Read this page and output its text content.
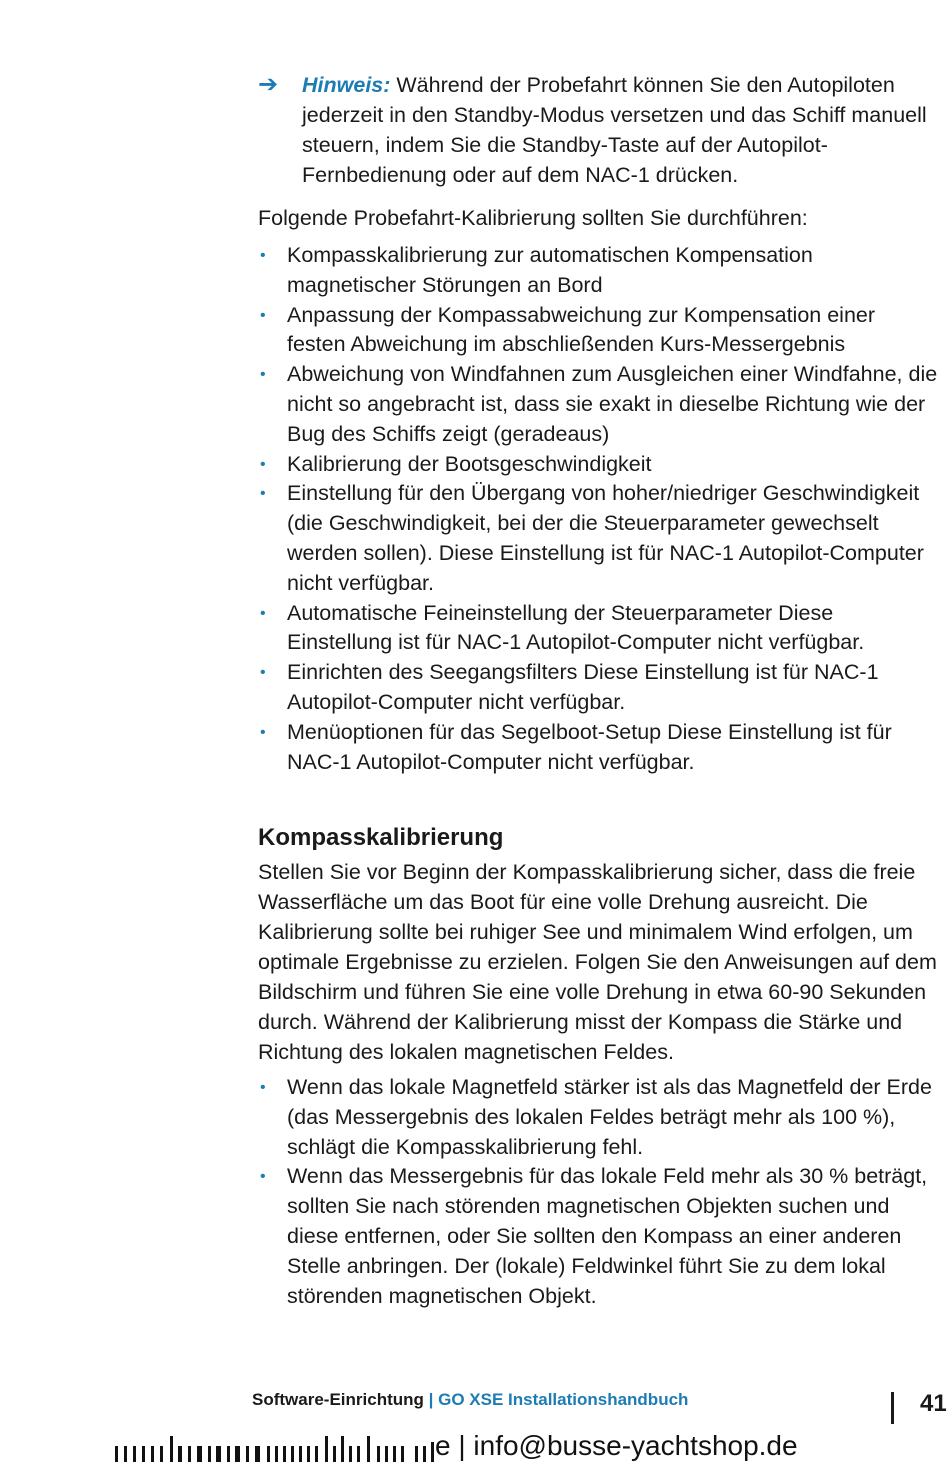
➔	Hinweis: Während der Probefahrt können Sie den Autopiloten jederzeit in den Standby-Modus versetzen und das Schiff manuell steuern, indem Sie die Standby-Taste auf der Autopilot-Fernbedienung oder auf dem NAC-1 drücken.

Folgende Probefahrt-Kalibrierung sollten Sie durchführen:

• Kompasskalibrierung zur automatischen Kompensation magnetischer Störungen an Bord
• Anpassung der Kompassabweichung zur Kompensation einer festen Abweichung im abschließenden Kurs-Messergebnis
• Abweichung von Windfahnen zum Ausgleichen einer Windfahne, die nicht so angebracht ist, dass sie exakt in dieselbe Richtung wie der Bug des Schiffs zeigt (geradeaus)
• Kalibrierung der Bootsgeschwindigkeit
• Einstellung für den Übergang von hoher/niedriger Geschwindigkeit (die Geschwindigkeit, bei der die Steuerparameter gewechselt werden sollen). Diese Einstellung ist für NAC-1 Autopilot-Computer nicht verfügbar.
• Automatische Feineinstellung der Steuerparameter Diese Einstellung ist für NAC-1 Autopilot-Computer nicht verfügbar.
• Einrichten des Seegangsfilters Diese Einstellung ist für NAC-1 Autopilot-Computer nicht verfügbar.
• Menüoptionen für das Segelboot-Setup Diese Einstellung ist für NAC-1 Autopilot-Computer nicht verfügbar.
Kompasskalibrierung

Stellen Sie vor Beginn der Kompasskalibrierung sicher, dass die freie Wasserfläche um das Boot für eine volle Drehung ausreicht. Die Kalibrierung sollte bei ruhiger See und minimalem Wind erfolgen, um optimale Ergebnisse zu erzielen. Folgen Sie den Anweisungen auf dem Bildschirm und führen Sie eine volle Drehung in etwa 60-90 Sekunden durch. Während der Kalibrierung misst der Kompass die Stärke und Richtung des lokalen magnetischen Feldes.

• Wenn das lokale Magnetfeld stärker ist als das Magnetfeld der Erde (das Messergebnis des lokalen Feldes beträgt mehr als 100 %), schlägt die Kompasskalibrierung fehl.
• Wenn das Messergebnis für das lokale Feld mehr als 30 % beträgt, sollten Sie nach störenden magnetischen Objekten suchen und diese entfernen, oder Sie sollten den Kompass an einer anderen Stelle anbringen. Der (lokale) Feldwinkel führt Sie zu dem lokal störenden magnetischen Objekt.
Software-Einrichtung | GO XSE Installationshandbuch	41
e | info@busse-yachtshop.de
